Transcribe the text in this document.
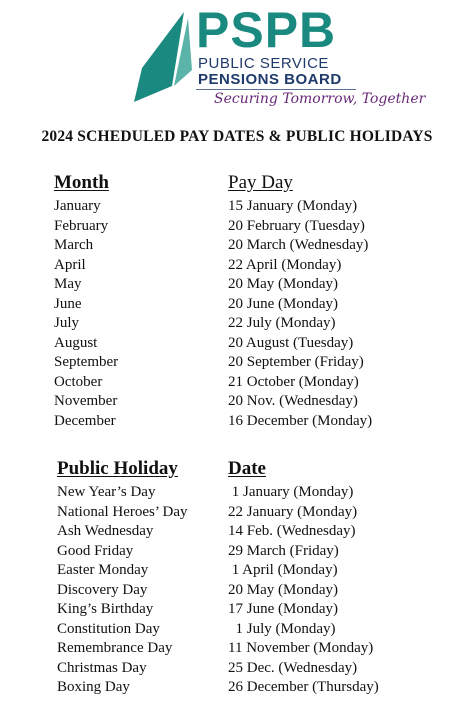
PSPB
PUBLIC SERVICE
PENSIONS BOARD
Securing Tomorrow, Together
2024 SCHEDULED PAY DATES & PUBLIC HOLIDAYS
Month	Pay Day
January	15 January (Monday)
February	20 February (Tuesday)
March	20 March (Wednesday)
April	22 April (Monday)
May	20 May (Monday)
June	20 June (Monday)
July	22 July (Monday)
August	20 August (Tuesday)
September	20 September (Friday)
October	21 October (Monday)
November	20 Nov. (Wednesday)
December	16 December (Monday)
Public Holiday	Date
New Year’s Day	1 January (Monday)
National Heroes’ Day	22 January (Monday)
Ash Wednesday	14 Feb. (Wednesday)
Good Friday	29 March (Friday)
Easter Monday	1 April (Monday)
Discovery Day	20 May (Monday)
King’s Birthday	17 June (Monday)
Constitution Day	1 July (Monday)
Remembrance Day	11 November (Monday)
Christmas Day	25 Dec. (Wednesday)
Boxing Day	26 December (Thursday)
